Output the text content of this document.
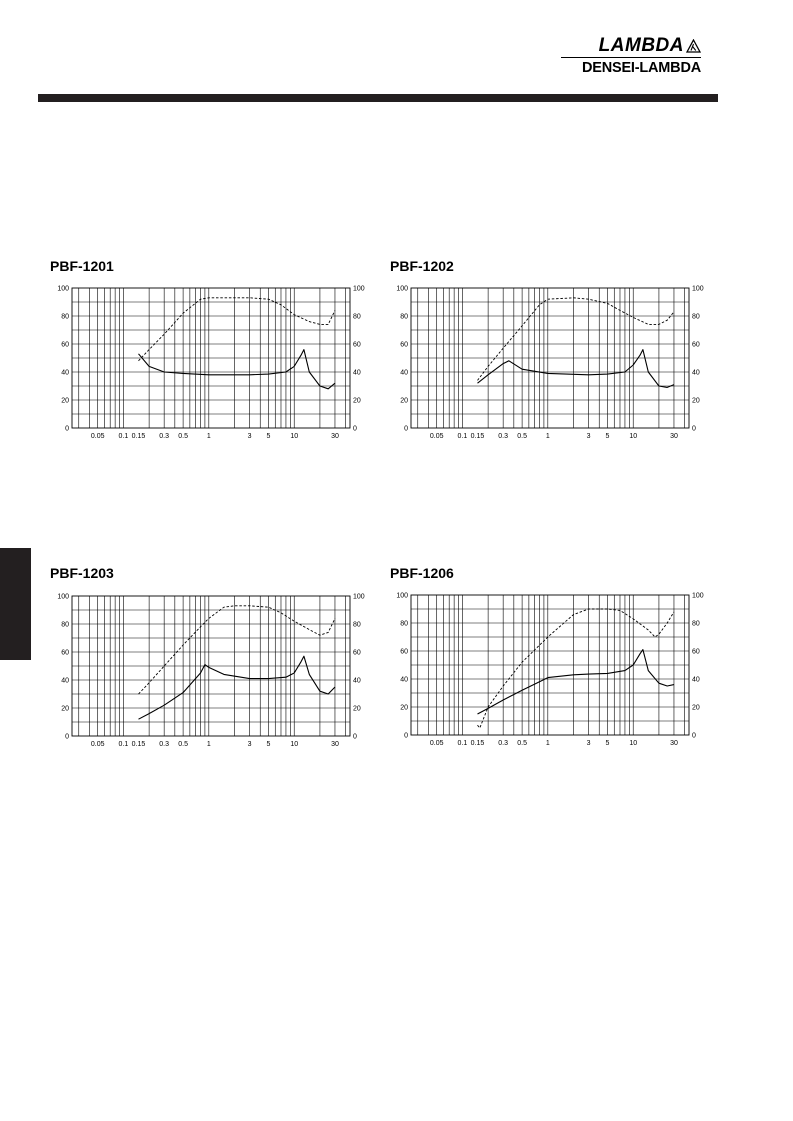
LAMBDA
DENSEI-LAMBDA
PBF-1201
0	0
20	20
40	40
60	60
80	80
100	100
0.05 0.1 0.15 0.3 0.5	1	3 5	10	30
PBF-1202
0	0
20	20
40	40
60	60
80	80
100	100
0.05 0.1 0.15 0.3 0.5	1	3 5	10	30
PBF-1203
0	0
20	20
40	40
60	60
80	80
100	100
0.05 0.1 0.15 0.3 0.5	1	3 5	10	30
PBF-1206
0	0
20	20
40	40
60	60
80	80
100	100
0.05 0.1 0.15 0.3 0.5	1	3 5	10	30
